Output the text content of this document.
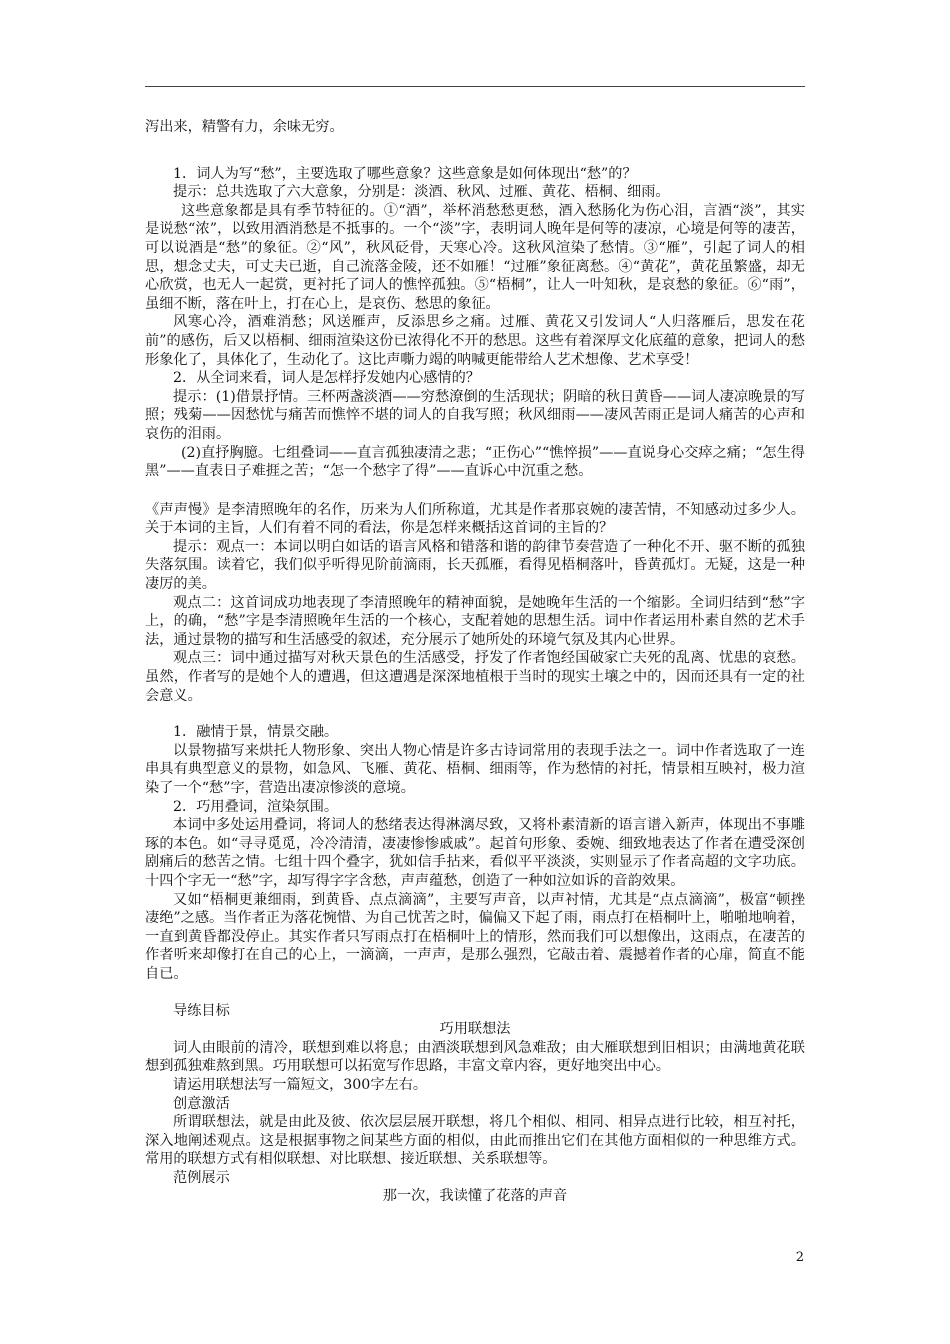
泻出来，精警有力，余味无穷。

1．词人为写“愁”，主要选取了哪些意象？这些意象是如何体现出“愁”的？

提示：总共选取了六大意象，分别是：淡酒、秋风、过雁、黄花、梧桐、细雨。

这些意象都是具有季节特征的。①“酒”，举杯消愁愁更愁，酒入愁肠化为伤心泪，言酒“淡”，其实是说愁“浓”，以致用酒消愁是不抵事的。一个“淡”字，表明词人晚年是何等的凄凉，心境是何等的凄苦，可以说酒是“愁”的象征。②“风”，秋风砭骨，天寒心冷。这秋风渲染了愁情。③“雁”，引起了词人的相思，想念丈夫，可丈夫已逝，自己流落金陵，还不如雁！“过雁”象征离愁。④“黄花”，黄花虽繁盛，却无心欣赏，也无人一起赏，更衬托了词人的憔悴孤独。⑤“梧桐”，让人一叶知秋，是哀愁的象征。⑥“雨”，虽细不断，落在叶上，打在心上，是哀伤、愁思的象征。

风寒心冷，酒难消愁；风送雁声，反添思乡之痛。过雁、黄花又引发词人“人归落雁后，思发在花前”的感伤，后又以梧桐、细雨渲染这份已浓得化不开的愁思。这些有着深厚文化底蕴的意象，把词人的愁形象化了，具体化了，生动化了。这比声嘶力竭的呐喊更能带给人艺术想像、艺术享受！

2．从全词来看，词人是怎样抒发她内心感情的？

提示：(1)借景抒情。三杯两盏淡酒——穷愁潦倒的生活现状；阴暗的秋日黄昏——词人凄凉晚景的写照；残菊——因愁忧与痛苦而憔悴不堪的词人的自我写照；秋风细雨——凄风苦雨正是词人痛苦的心声和哀伤的泪雨。

(2)直抒胸臆。七组叠词——直言孤独凄清之悲；“正伤心”“憔悴损”——直说身心交瘁之痛；“怎生得黑”——直表日子难捱之苦；“怎一个愁字了得”——直诉心中沉重之愁。

《声声慢》是李清照晚年的名作，历来为人们所称道，尤其是作者那哀婉的凄苦情，不知感动过多少人。关于本词的主旨，人们有着不同的看法，你是怎样来概括这首词的主旨的？

提示：观点一：本词以明白如话的语言风格和错落和谐的韵律节奏营造了一种化不开、驱不断的孤独失落氛围。读着它，我们似乎听得见阶前滴雨，长天孤雁，看得见梧桐落叶，昏黄孤灯。无疑，这是一种凄厉的美。

观点二：这首词成功地表现了李清照晚年的精神面貌，是她晚年生活的一个缩影。全词归结到“愁”字上，的确，“愁”字是李清照晚年生活的一个核心，支配着她的思想生活。词中作者运用朴素自然的艺术手法，通过景物的描写和生活感受的叙述，充分展示了她所处的环境气氛及其内心世界。

观点三：词中通过描写对秋天景色的生活感受，抒发了作者饱经国破家亡夫死的乱离、忧患的哀愁。虽然，作者写的是她个人的遭遇，但这遭遇是深深地植根于当时的现实土壤之中的，因而还具有一定的社会意义。

1．融情于景，情景交融。

以景物描写来烘托人物形象、突出人物心情是许多古诗词常用的表现手法之一。词中作者选取了一连串具有典型意义的景物，如急风、飞雁、黄花、梧桐、细雨等，作为愁情的衬托，情景相互映衬，极力渲染了一个“愁”字，营造出凄凉惨淡的意境。

2．巧用叠词，渲染氛围。

本词中多处运用叠词，将词人的愁绪表达得淋漓尽致，又将朴素清新的语言谱入新声，体现出不事雕琢的本色。如“寻寻觅觅，冷冷清清，凄凄惨惨戚戚”。起首句形象、委婉、细致地表达了作者在遭受深创剧痛后的愁苦之情。七组十四个叠字，犹如信手拈来，看似平平淡淡，实则显示了作者高超的文字功底。十四个字无一“愁”字，却写得字字含愁，声声蕴愁，创造了一种如泣如诉的音韵效果。

又如“梧桐更兼细雨，到黄昏、点点滴滴”，主要写声音，以声衬情，尤其是“点点滴滴”，极富“顿挫凄绝”之感。当作者正为落花惋惜、为自己忧苦之时，偏偏又下起了雨，雨点打在梧桐叶上，啪啪地响着，一直到黄昏都没停止。其实作者只写雨点打在梧桐叶上的情形，然而我们可以想像出，这雨点，在凄苦的作者听来却像打在自己的心上，一滴滴，一声声，是那么强烈，它敲击着、震撼着作者的心扉，简直不能自已。

导练目标

巧用联想法

词人由眼前的清冷，联想到难以将息；由酒淡联想到风急难敌；由大雁联想到旧相识；由满地黄花联想到孤独难熬到黑。巧用联想可以拓宽写作思路，丰富文章内容，更好地突出中心。

请运用联想法写一篇短文，300字左右。

创意激活

所谓联想法，就是由此及彼、依次层层展开联想，将几个相似、相同、相异点进行比较，相互衬托，深入地阐述观点。这是根据事物之间某些方面的相似，由此而推出它们在其他方面相似的一种思维方式。常用的联想方式有相似联想、对比联想、接近联想、关系联想等。

范例展示

那一次，我读懂了花落的声音

2
